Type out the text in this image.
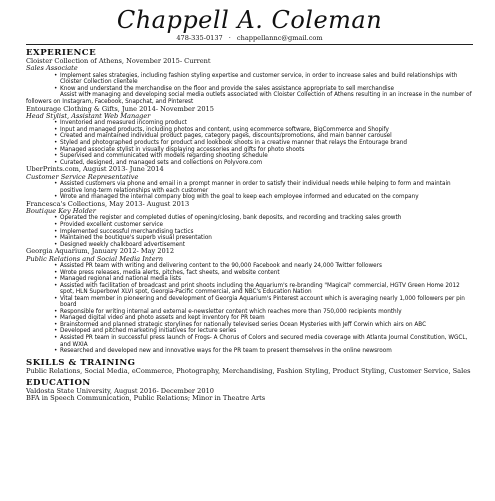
Chappell A. Coleman
478-335-0137 · chappellannc@gmail.com
EXPERIENCE
Cloister Collection of Athens, November 2015- Current
Sales Associate
• Implement sales strategies, including fashion styling expertise and customer service, in order to increase sales and build relationships with Cloister Collection clientele
• Know and understand the merchandise on the floor and provide the sales assistance appropriate to sell merchandise
• Assist with managing and developing social media outlets associated with Cloister Collection of Athens resulting in an increase in the number of followers on Instagram, Facebook, Snapchat, and Pinterest
Entourage Clothing & Gifts, June 2014- November 2015
Head Stylist, Assistant Web Manager
• Inventoried and measured incoming product
• Input and managed products, including photos and content, using ecommerce software, BigCommerce and Shopify
• Created and maintained individual product pages, category pages, discounts/promotions, and main banner carousel
• Styled and photographed products for product and lookbook shoots in a creative manner that relays the Entourage brand
• Managed associate stylist in visually displaying accessories and gifts for photo shoots
• Supervised and communicated with models regarding shooting schedule
• Curated, designed, and managed sets and collections on Polyvore.com
UberPrints.com, August 2013- June 2014
Customer Service Representative
• Assisted customers via phone and email in a prompt manner in order to satisfy their individual needs while helping to form and maintain positive long-term relationships with each customer
• Wrote and managed the internal company blog with the goal to keep each employee informed and educated on the company
Francesca's Collections, May 2013- August 2013
Boutique Key Holder
• Operated the register and completed duties of opening/closing, bank deposits, and recording and tracking sales growth
• Provided excellent customer service
• Implemented successful merchandising tactics
• Maintained the boutique's superb visual presentation
• Designed weekly chalkboard advertisement
Georgia Aquarium, January 2012- May 2012
Public Relations and Social Media Intern
• Assisted PR team with writing and delivering content to the 90,000 Facebook and nearly 24,000 Twitter followers
• Wrote press releases, media alerts, pitches, fact sheets, and website content
• Managed regional and national media lists
• Assisted with facilitation of broadcast and print shoots including the Aquarium's re-branding "Magical" commercial, HGTV Green Home 2012 spot, HLN Superbowl XLVI spot, Georgia-Pacific commercial, and NBC's Education Nation
• Vital team member in pioneering and development of Georgia Aquarium's Pinterest account which is averaging nearly 1,000 followers per pin board
• Responsible for writing internal and external e-newsletter content which reaches more than 750,000 recipients monthly
• Managed digital video and photo assets and kept inventory for PR team
• Brainstormed and planned strategic storylines for nationally televised series Ocean Mysteries with Jeff Corwin which airs on ABC
• Developed and pitched marketing initiatives for lecture series
• Assisted PR team in successful press launch of Frogs- A Chorus of Colors and secured media coverage with Atlanta Journal Constitution, WGCL, and WXIA
• Researched and developed new and innovative ways for the PR team to present themselves in the online newsroom
SKILLS & TRAINING
Public Relations, Social Media, eCommerce, Photography, Merchandising, Fashion Styling, Product Styling, Customer Service, Sales
EDUCATION
Valdosta State University, August 2016- December 2010
BFA in Speech Communication, Public Relations; Minor in Theatre Arts
